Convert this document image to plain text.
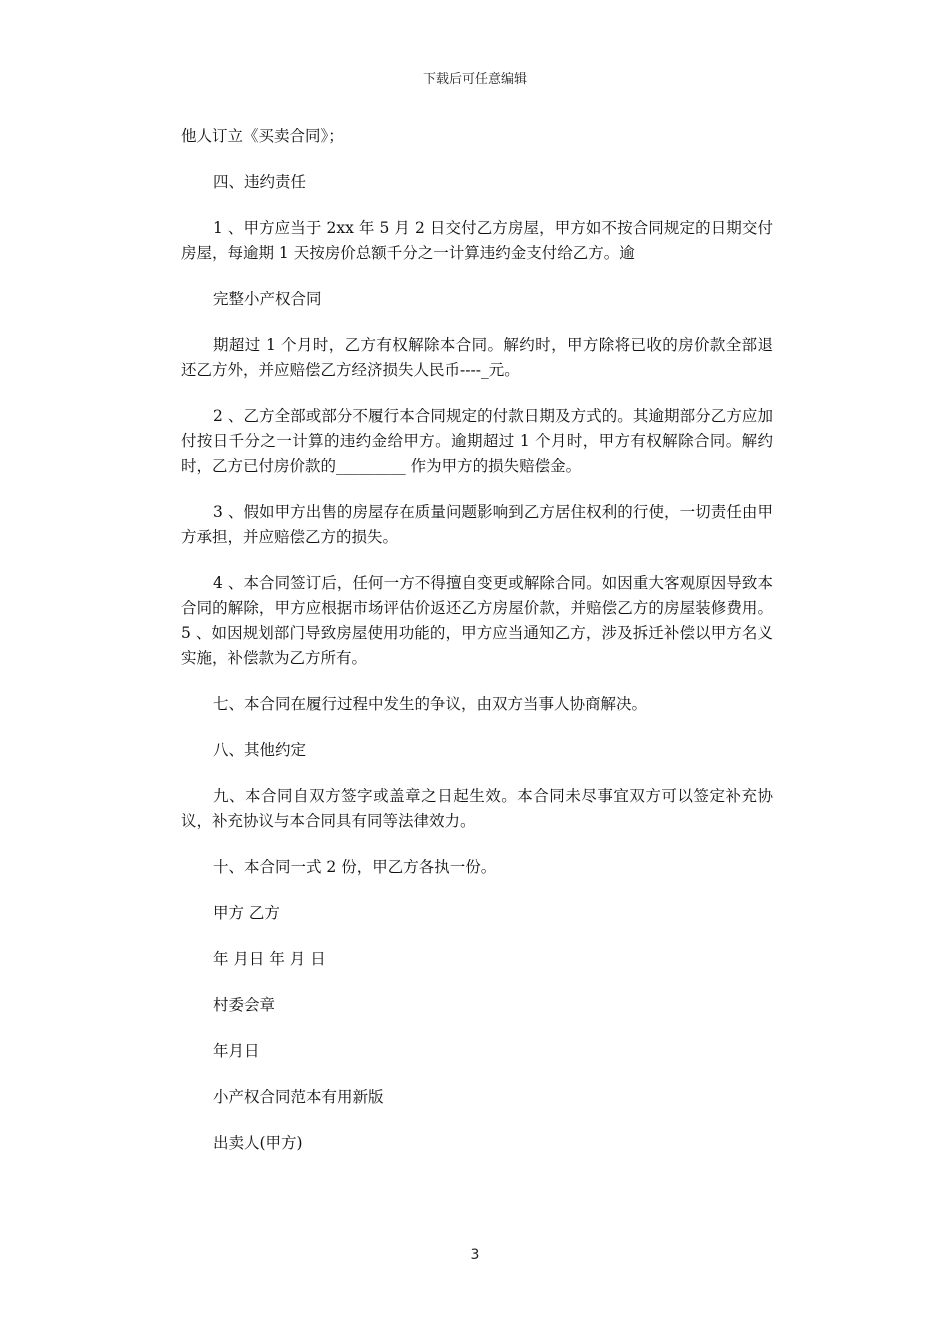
下载后可任意编辑

他人订立《买卖合同》；

四、违约责任

1 、甲方应当于 2xx 年 5 月 2 日交付乙方房屋，甲方如不按合同规定的日期交付房屋，每逾期 1 天按房价总额千分之一计算违约金支付给乙方。逾

完整小产权合同

期超过 1 个月时，乙方有权解除本合同。解约时，甲方除将已收的房价款全部退还乙方外，并应赔偿乙方经济损失人民币----_元。

2 、乙方全部或部分不履行本合同规定的付款日期及方式的。其逾期部分乙方应加付按日千分之一计算的违约金给甲方。逾期超过 1 个月时，甲方有权解除合同。解约时，乙方已付房价款的_________ 作为甲方的损失赔偿金。

3 、假如甲方出售的房屋存在质量问题影响到乙方居住权利的行使，一切责任由甲方承担，并应赔偿乙方的损失。

4 、本合同签订后，任何一方不得擅自变更或解除合同。如因重大客观原因导致本合同的解除，甲方应根据市场评估价返还乙方房屋价款，并赔偿乙方的房屋装修费用。5 、如因规划部门导致房屋使用功能的，甲方应当通知乙方，涉及拆迁补偿以甲方名义实施，补偿款为乙方所有。

七、本合同在履行过程中发生的争议，由双方当事人协商解决。

八、其他约定

九、本合同自双方签字或盖章之日起生效。本合同未尽事宜双方可以签定补充协议，补充协议与本合同具有同等法律效力。

十、本合同一式 2 份，甲乙方各执一份。

甲方 乙方

年 月日 年 月 日

村委会章

年月日

小产权合同范本有用新版

出卖人(甲方)

3
